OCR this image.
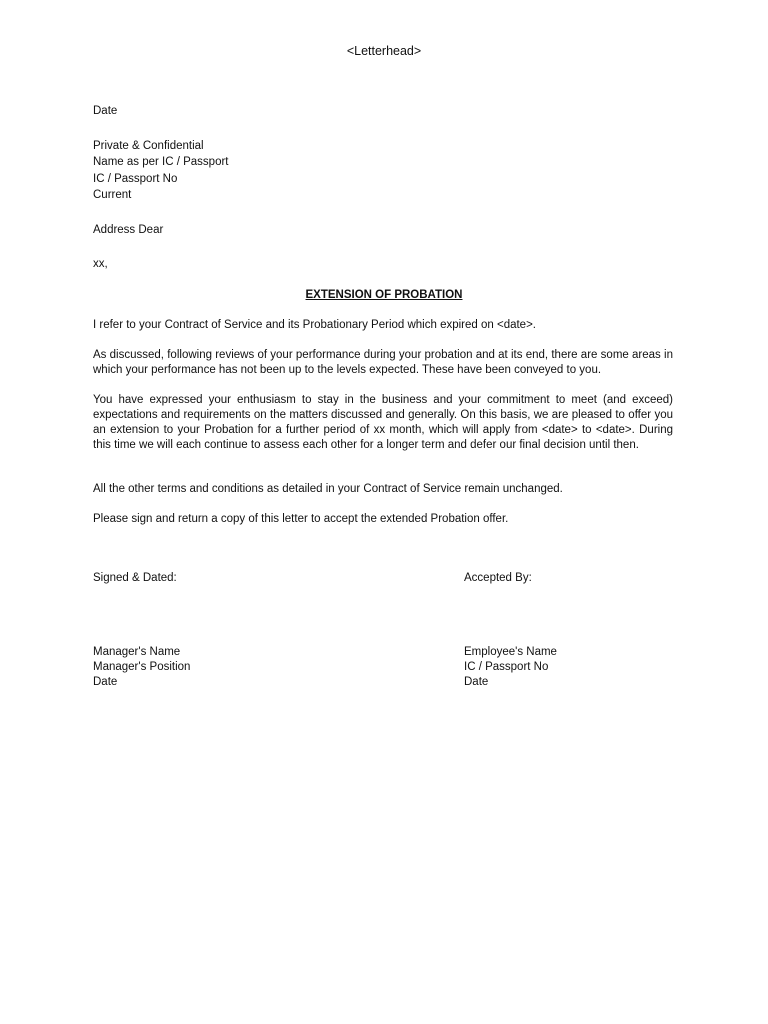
<Letterhead>
Date
Private & Confidential
Name as per IC / Passport
IC / Passport No
Current
Address Dear
xx,
EXTENSION OF PROBATION
I refer to your Contract of Service and its Probationary Period which expired on <date>.
As discussed, following reviews of your performance during your probation and at its end, there are some areas in which your performance has not been up to the levels expected. These have been conveyed to you.
You have expressed your enthusiasm to stay in the business and your commitment to meet (and exceed) expectations and requirements on the matters discussed and generally. On this basis, we are pleased to offer you an extension to your Probation for a further period of xx month, which will apply from <date> to <date>. During this time we will each continue to assess each other for a longer term and defer our final decision until then.
All the other terms and conditions as detailed in your Contract of Service remain unchanged.
Please sign and return a copy of this letter to accept the extended Probation offer.
Signed & Dated:	Accepted By:
Manager's Name
Manager's Position
Date
Employee's Name
IC / Passport No
Date
